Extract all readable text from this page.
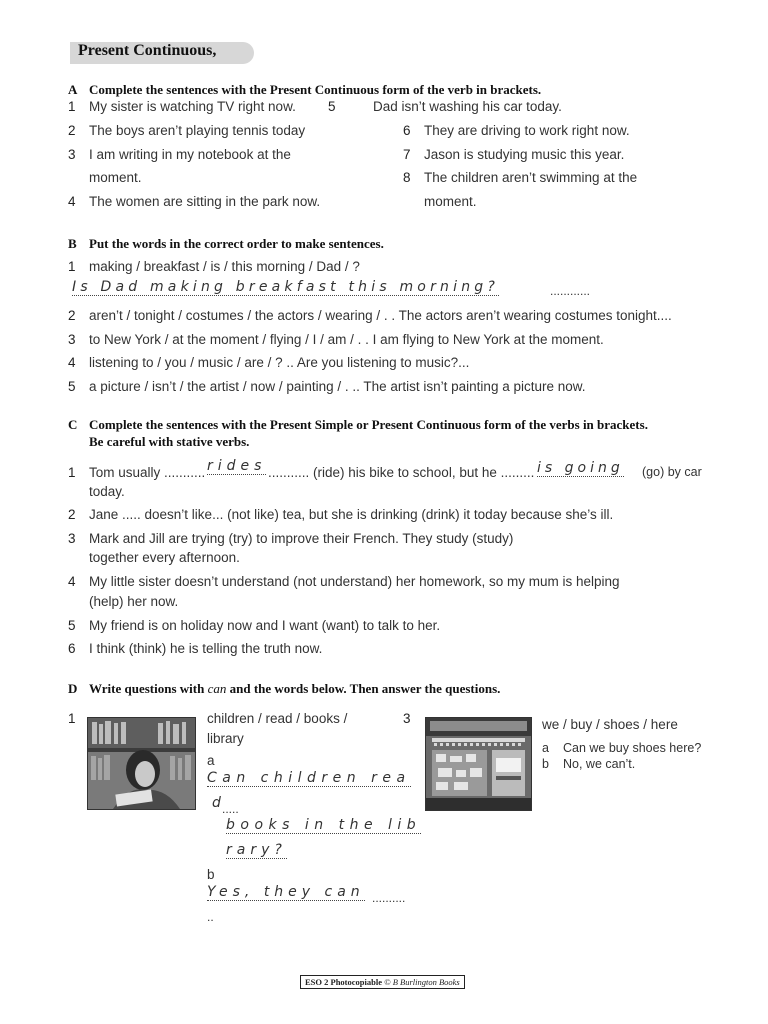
Present Continuous,
A Complete the sentences with the Present Continuous form of the verb in brackets.
1 My sister is watching TV right now. 5	Dad isn’t washing his car today.
2 The boys aren’t playing tennis today	6 They are driving to work right now.
3 I am writing in my notebook at the
moment.
7 Jason is studying music this year.
8 The children aren’t swimming at the
moment.
4 The women are sitting in the park now.
B Put the words in the correct order to make sentences.
1 making / breakfast / is / this morning / Dad / ?
Is Dad making breakfast this morning?	............
2 aren’t / tonight / costumes / the actors / wearing / . . The actors aren’t wearing costumes tonight....
3 to New York / at the moment / flying / I / am / . . I am flying to New York at the moment.
4 listening to / you / music / are / ? .. Are you listening to music?...
5 a picture / isn’t / the artist / now / painting / . .. The artist isn’t painting a picture now.
C Complete the sentences with the Present Simple or Present Continuous form of the verbs in brackets.
Be careful with stative verbs.
1 Tom usually ........... rides ........... (ride) his bike to school, but he ......... is going (go) by car
today.
2 Jane ..... doesn’t like... (not like) tea, but she is drinking (drink) it today because she’s ill.
3 Mark and Jill are trying (try) to improve their French. They study (study)
together every afternoon.
4 My little sister doesn’t understand (not understand) her homework, so my mum is helping
(help) her now.
5 My friend is on holiday now and I want (want) to talk to her.
6 I think (think) he is telling the truth now.
D Write questions with can and the words below. Then answer the questions.
1	children / read / books /
library
a
Can children rea
d
.....
books in the lib
rary?
b
Yes, they can ..........
..
3	we / buy / shoes / here
a Can we buy shoes here?
b No, we can’t.
ESO 2 Photocopiable © B Burlington Books
